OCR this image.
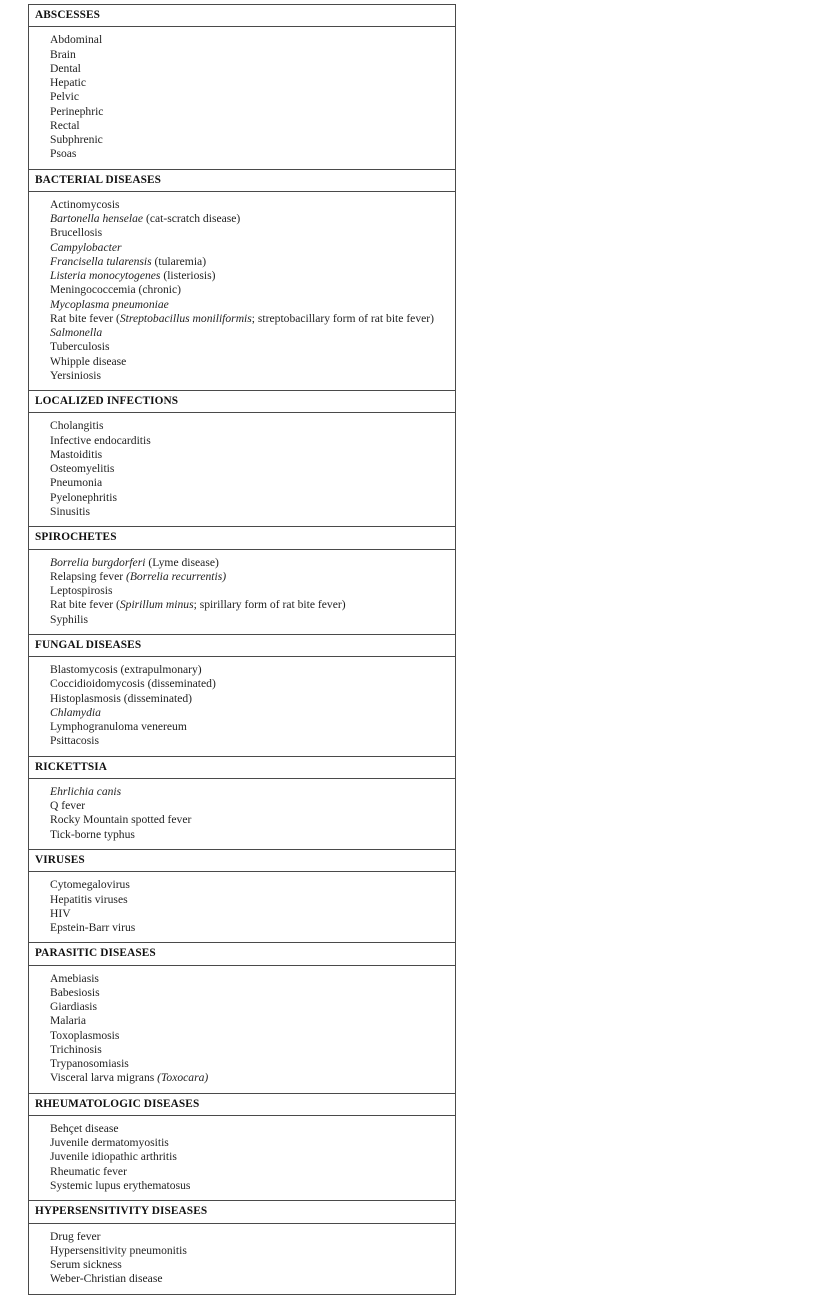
ABSCESSES
Abdominal
Brain
Dental
Hepatic
Pelvic
Perinephric
Rectal
Subphrenic
Psoas
BACTERIAL DISEASES
Actinomycosis
Bartonella henselae (cat-scratch disease)
Brucellosis
Campylobacter
Francisella tularensis (tularemia)
Listeria monocytogenes (listeriosis)
Meningococcemia (chronic)
Mycoplasma pneumoniae
Rat bite fever (Streptobacillus moniliformis; streptobacillary form of rat bite fever)
Salmonella
Tuberculosis
Whipple disease
Yersiniosis
LOCALIZED INFECTIONS
Cholangitis
Infective endocarditis
Mastoiditis
Osteomyelitis
Pneumonia
Pyelonephritis
Sinusitis
SPIROCHETES
Borrelia burgdorferi (Lyme disease)
Relapsing fever (Borrelia recurrentis)
Leptospirosis
Rat bite fever (Spirillum minus; spirillary form of rat bite fever)
Syphilis
FUNGAL DISEASES
Blastomycosis (extrapulmonary)
Coccidioidomycosis (disseminated)
Histoplasmosis (disseminated)
Chlamydia
Lymphogranuloma venereum
Psittacosis
RICKETTSIA
Ehrlichia canis
Q fever
Rocky Mountain spotted fever
Tick-borne typhus
VIRUSES
Cytomegalovirus
Hepatitis viruses
HIV
Epstein-Barr virus
PARASITIC DISEASES
Amebiasis
Babesiosis
Giardiasis
Malaria
Toxoplasmosis
Trichinosis
Trypanosomiasis
Visceral larva migrans (Toxocara)
RHEUMATOLOGIC DISEASES
Behçet disease
Juvenile dermatomyositis
Juvenile idiopathic arthritis
Rheumatic fever
Systemic lupus erythematosus
HYPERSENSITIVITY DISEASES
Drug fever
Hypersensitivity pneumonitis
Serum sickness
Weber-Christian disease
